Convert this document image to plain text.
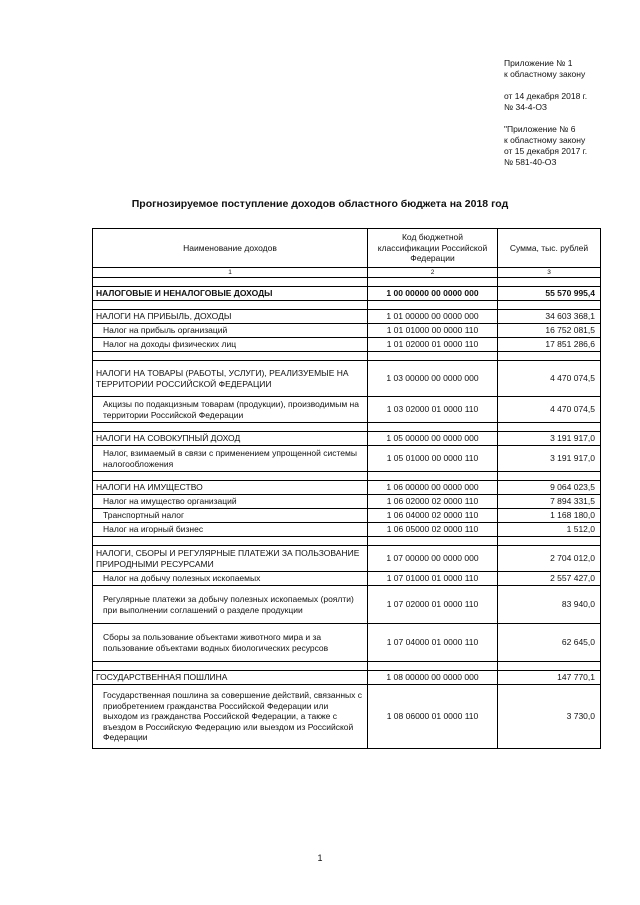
Приложение № 1
к областному закону
от 14 декабря 2018 г.
№ 34-4-ОЗ
"Приложение № 6
к областному закону
от 15 декабря 2017 г.
№ 581-40-ОЗ
Прогнозируемое поступление доходов областного бюджета на 2018 год
Наименование доходов	Код бюджетной классификации Российской Федерации	Сумма, тыс. рублей
1	2	3

НАЛОГОВЫЕ И НЕНАЛОГОВЫЕ ДОХОДЫ	1 00 00000 00 0000 000	55 570 995,4

НАЛОГИ НА ПРИБЫЛЬ, ДОХОДЫ	1 01 00000 00 0000 000	34 603 368,1
Налог на прибыль организаций	1 01 01000 00 0000 110	16 752 081,5
Налог на доходы физических лиц	1 01 02000 01 0000 110	17 851 286,6

НАЛОГИ НА ТОВАРЫ (РАБОТЫ, УСЛУГИ), РЕАЛИЗУЕМЫЕ НА ТЕРРИТОРИИ РОССИЙСКОЙ ФЕДЕРАЦИИ	1 03 00000 00 0000 000	4 470 074,5
Акцизы по подакцизным товарам (продукции), производимым на территории Российской Федерации	1 03 02000 01 0000 110	4 470 074,5

НАЛОГИ НА СОВОКУПНЫЙ ДОХОД	1 05 00000 00 0000 000	3 191 917,0
Налог, взимаемый в связи с применением упрощенной системы налогообложения	1 05 01000 00 0000 110	3 191 917,0

НАЛОГИ НА ИМУЩЕСТВО	1 06 00000 00 0000 000	9 064 023,5
Налог на имущество организаций	1 06 02000 02 0000 110	7 894 331,5
Транспортный налог	1 06 04000 02 0000 110	1 168 180,0
Налог на игорный бизнес	1 06 05000 02 0000 110	1 512,0

НАЛОГИ, СБОРЫ И РЕГУЛЯРНЫЕ ПЛАТЕЖИ ЗА ПОЛЬЗОВАНИЕ ПРИРОДНЫМИ РЕСУРСАМИ	1 07 00000 00 0000 000	2 704 012,0
Налог на добычу полезных ископаемых	1 07 01000 01 0000 110	2 557 427,0
Регулярные платежи за добычу полезных ископаемых (роялти) при выполнении соглашений о разделе продукции	1 07 02000 01 0000 110	83 940,0
Сборы за пользование объектами животного мира и за пользование объектами водных биологических ресурсов	1 07 04000 01 0000 110	62 645,0

ГОСУДАРСТВЕННАЯ ПОШЛИНА	1 08 00000 00 0000 000	147 770,1
Государственная пошлина за совершение действий, связанных с приобретением гражданства Российской Федерации или выходом из гражданства Российской Федерации, а также с въездом в Российскую Федерацию или выездом из Российской Федерации	1 08 06000 01 0000 110	3 730,0
1
